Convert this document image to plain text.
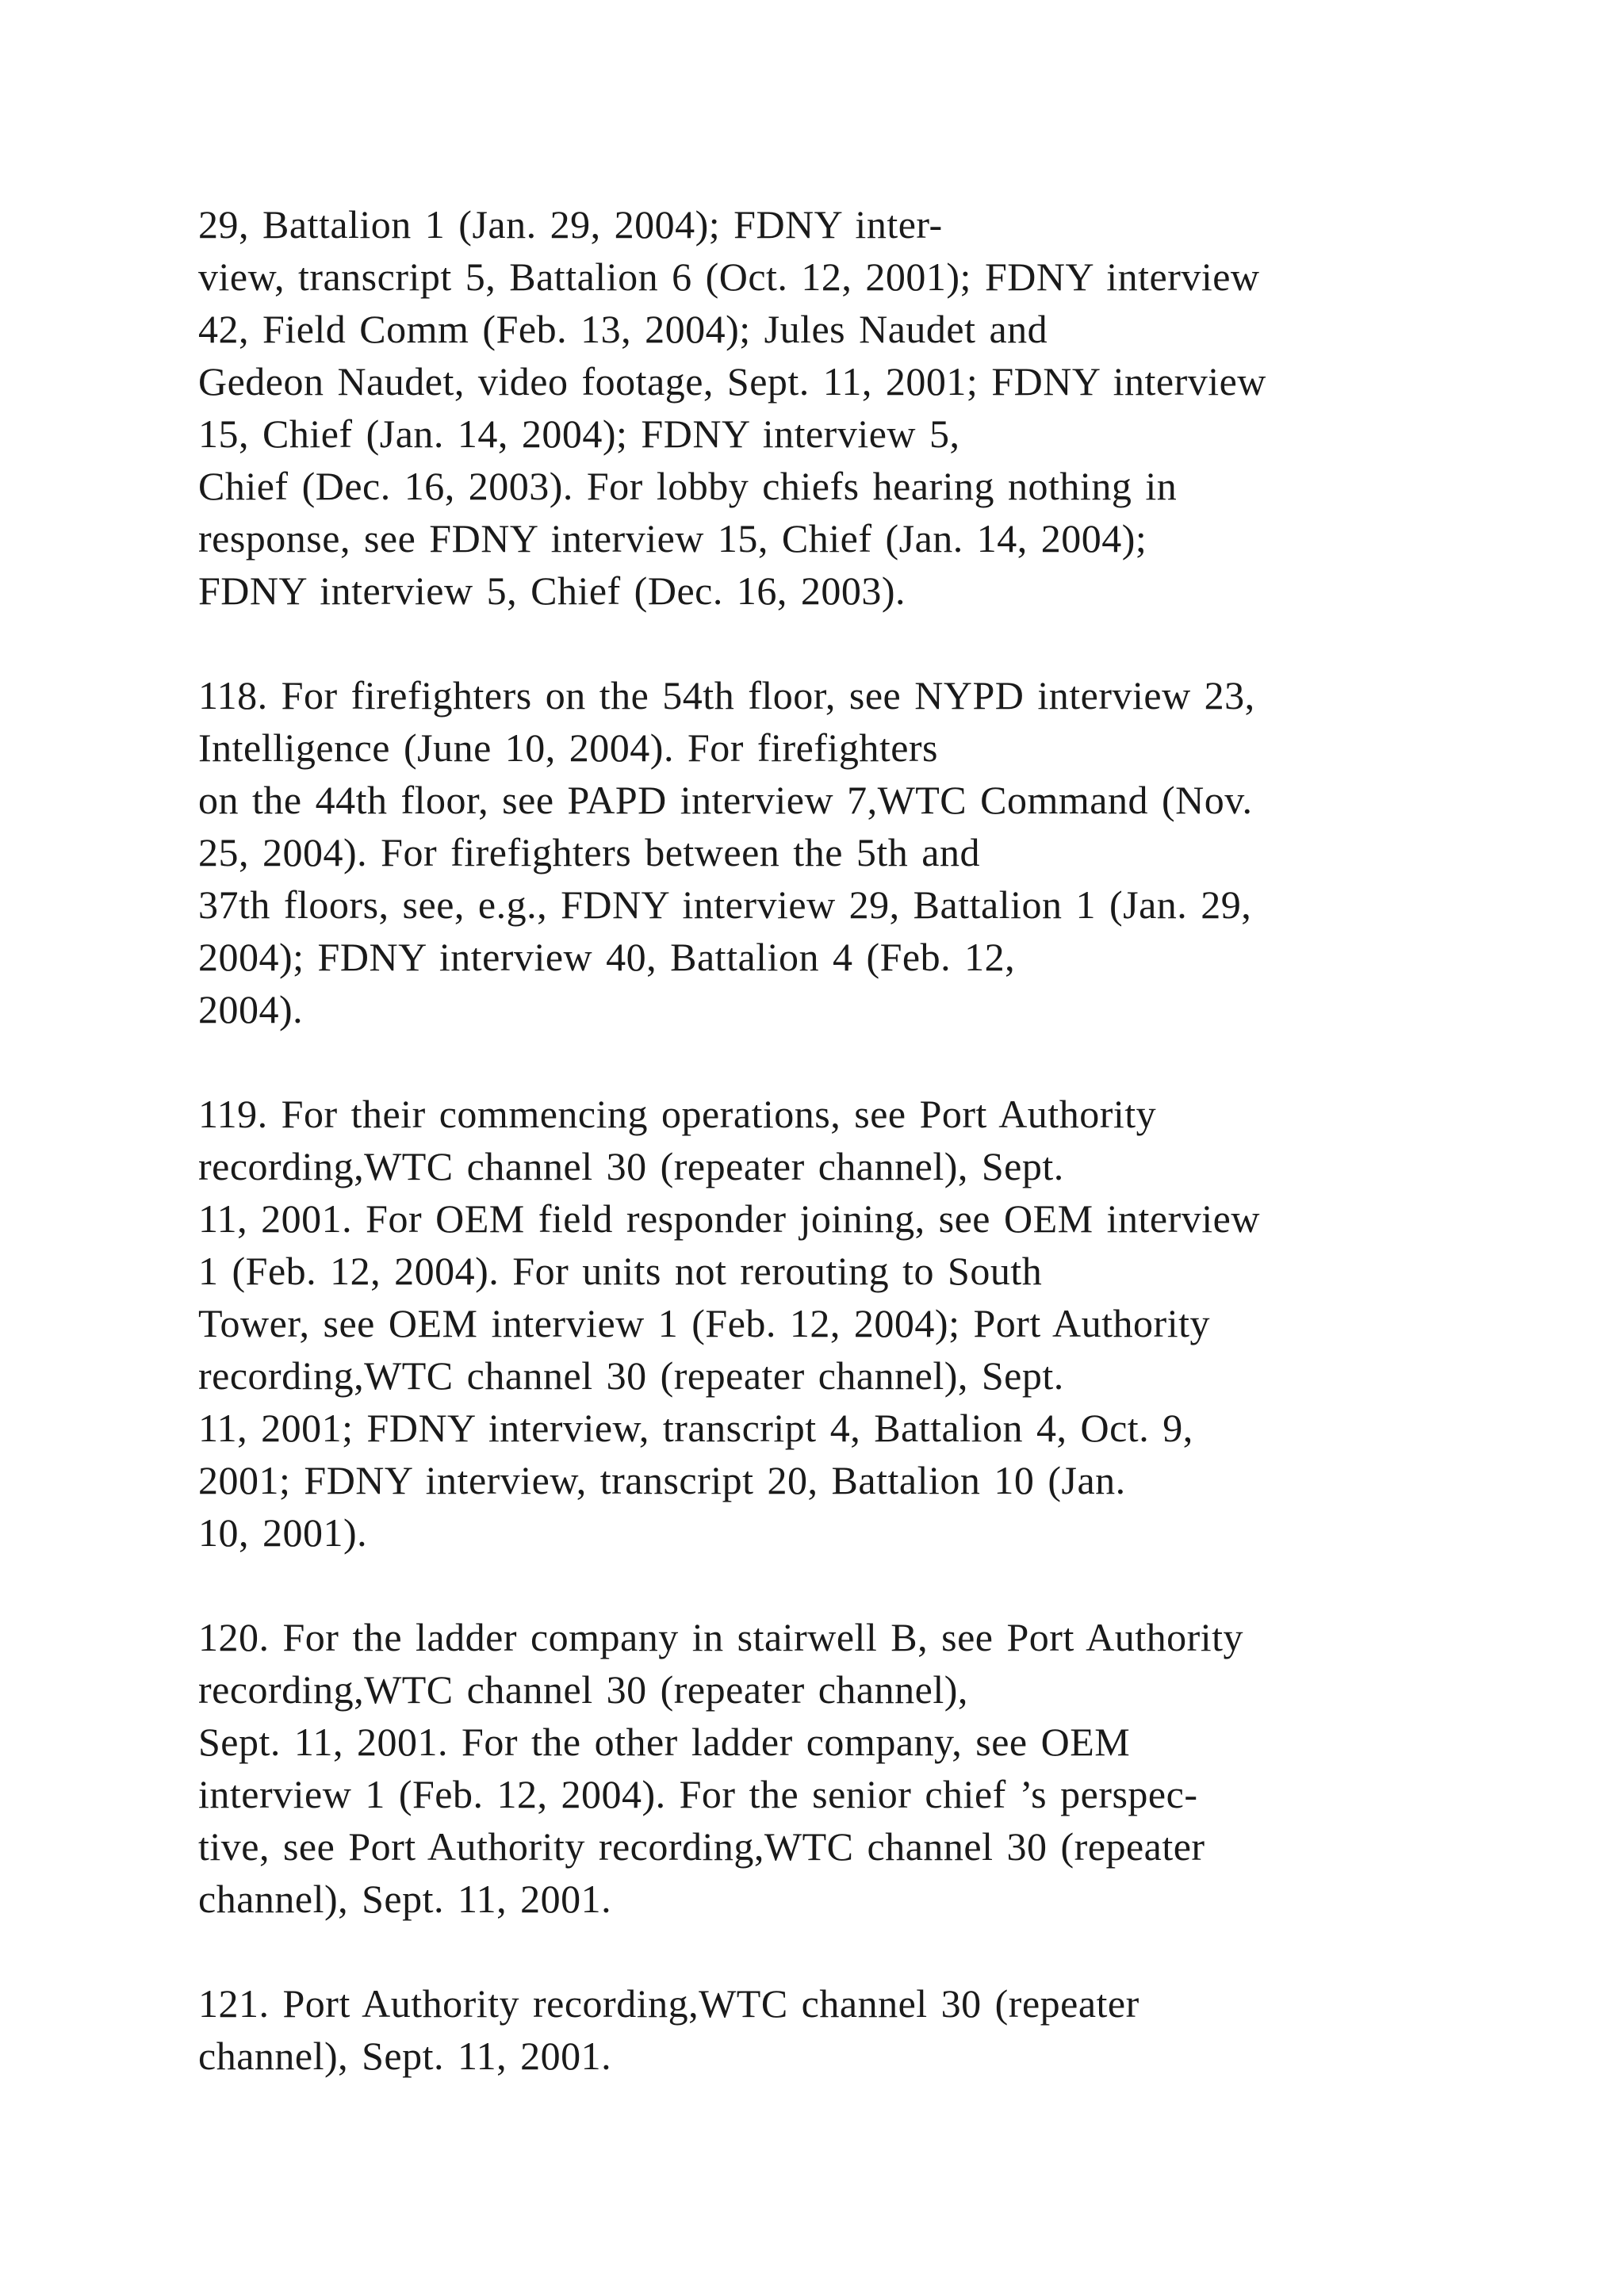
29, Battalion 1 (Jan. 29, 2004); FDNY inter-
view, transcript 5, Battalion 6 (Oct. 12, 2001); FDNY interview
42, Field Comm (Feb. 13, 2004); Jules Naudet and
Gedeon Naudet, video footage, Sept. 11, 2001; FDNY interview
15, Chief (Jan. 14, 2004); FDNY interview 5,
Chief (Dec. 16, 2003). For lobby chiefs hearing nothing in
response, see FDNY interview 15, Chief (Jan. 14, 2004);
FDNY interview 5, Chief (Dec. 16, 2003).

118. For firefighters on the 54th floor, see NYPD interview 23,
Intelligence (June 10, 2004). For firefighters
on the 44th floor, see PAPD interview 7,WTC Command (Nov.
25, 2004). For firefighters between the 5th and
37th floors, see, e.g., FDNY interview 29, Battalion 1 (Jan. 29,
2004); FDNY interview 40, Battalion 4 (Feb. 12,
2004).

119. For their commencing operations, see Port Authority
recording,WTC channel 30 (repeater channel), Sept.
11, 2001. For OEM field responder joining, see OEM interview
1 (Feb. 12, 2004). For units not rerouting to South
Tower, see OEM interview 1 (Feb. 12, 2004); Port Authority
recording,WTC channel 30 (repeater channel), Sept.
11, 2001; FDNY interview, transcript 4, Battalion 4, Oct. 9,
2001; FDNY interview, transcript 20, Battalion 10 (Jan.
10, 2001).

120. For the ladder company in stairwell B, see Port Authority
recording,WTC channel 30 (repeater channel),
Sept. 11, 2001. For the other ladder company, see OEM
interview 1 (Feb. 12, 2004). For the senior chief ’s perspec-
tive, see Port Authority recording,WTC channel 30 (repeater
channel), Sept. 11, 2001.

121. Port Authority recording,WTC channel 30 (repeater
channel), Sept. 11, 2001.
